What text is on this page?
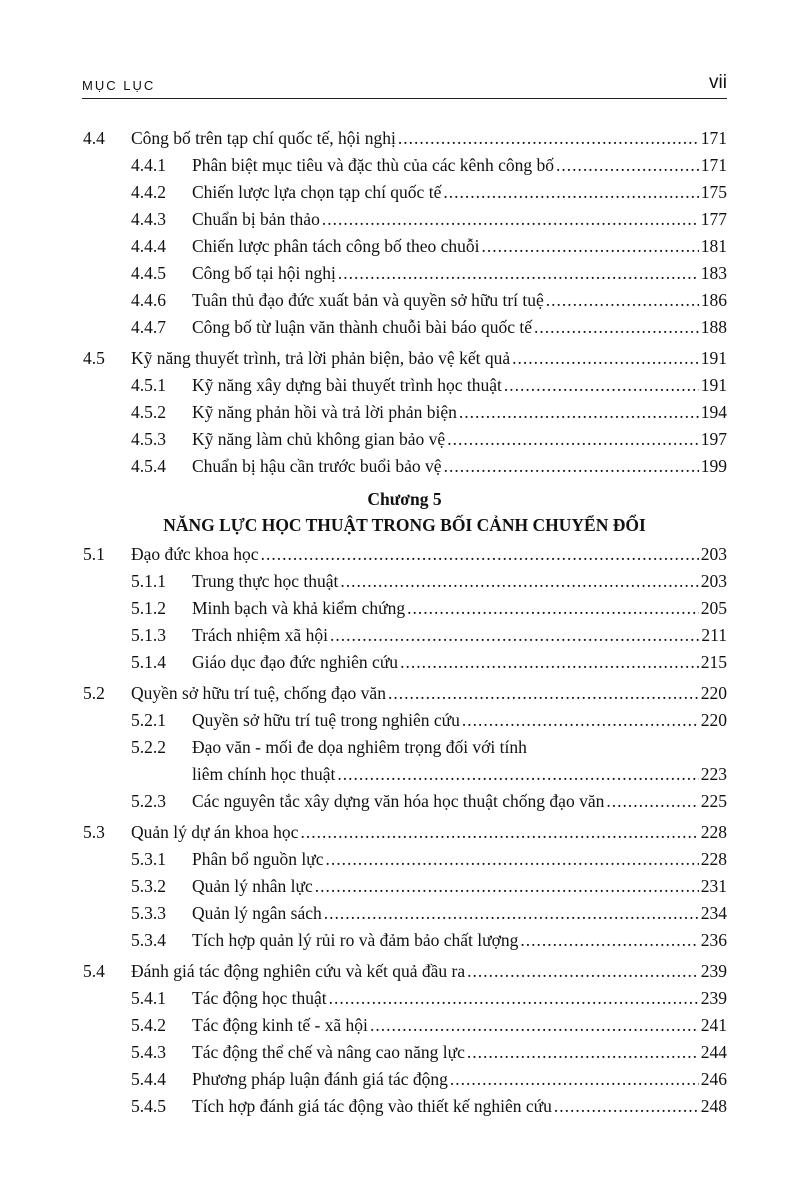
MỤC LỤC	vii
4.4 Công bố trên tạp chí quốc tế, hội nghị .....	171
4.4.1 Phân biệt mục tiêu và đặc thù của các kênh công bố .....	171
4.4.2 Chiến lược lựa chọn tạp chí quốc tế .....	175
4.4.3 Chuẩn bị bản thảo .....	177
4.4.4 Chiến lược phân tách công bố theo chuỗi .....	181
4.4.5 Công bố tại hội nghị .....	183
4.4.6 Tuân thủ đạo đức xuất bản và quyền sở hữu trí tuệ .....	186
4.4.7 Công bố từ luận văn thành chuỗi bài báo quốc tế .....	188
4.5 Kỹ năng thuyết trình, trả lời phản biện, bảo vệ kết quả .....	191
4.5.1 Kỹ năng xây dựng bài thuyết trình học thuật .....	191
4.5.2 Kỹ năng phản hồi và trả lời phản biện .....	194
4.5.3 Kỹ năng làm chủ không gian bảo vệ .....	197
4.5.4 Chuẩn bị hậu cần trước buổi bảo vệ .....	199
Chương 5
NĂNG LỰC HỌC THUẬT TRONG BỐI CẢNH CHUYỂN ĐỔI
5.1 Đạo đức khoa học .....	203
5.1.1 Trung thực học thuật .....	203
5.1.2 Minh bạch và khả kiểm chứng .....	205
5.1.3 Trách nhiệm xã hội .....	211
5.1.4 Giáo dục đạo đức nghiên cứu .....	215
5.2 Quyền sở hữu trí tuệ, chống đạo văn .....	220
5.2.1 Quyền sở hữu trí tuệ trong nghiên cứu .....	220
5.2.2 Đạo văn - mối đe dọa nghiêm trọng đối với tính
liêm chính học thuật .....	223
5.2.3 Các nguyên tắc xây dựng văn hóa học thuật chống đạo văn .....	225
5.3 Quản lý dự án khoa học .....	228
5.3.1 Phân bổ nguồn lực .....	228
5.3.2 Quản lý nhân lực .....	231
5.3.3 Quản lý ngân sách .....	234
5.3.4 Tích hợp quản lý rủi ro và đảm bảo chất lượng .....	236
5.4 Đánh giá tác động nghiên cứu và kết quả đầu ra .....	239
5.4.1 Tác động học thuật .....	239
5.4.2 Tác động kinh tế - xã hội .....	241
5.4.3 Tác động thể chế và nâng cao năng lực .....	244
5.4.4 Phương pháp luận đánh giá tác động .....	246
5.4.5 Tích hợp đánh giá tác động vào thiết kế nghiên cứu .....	248
